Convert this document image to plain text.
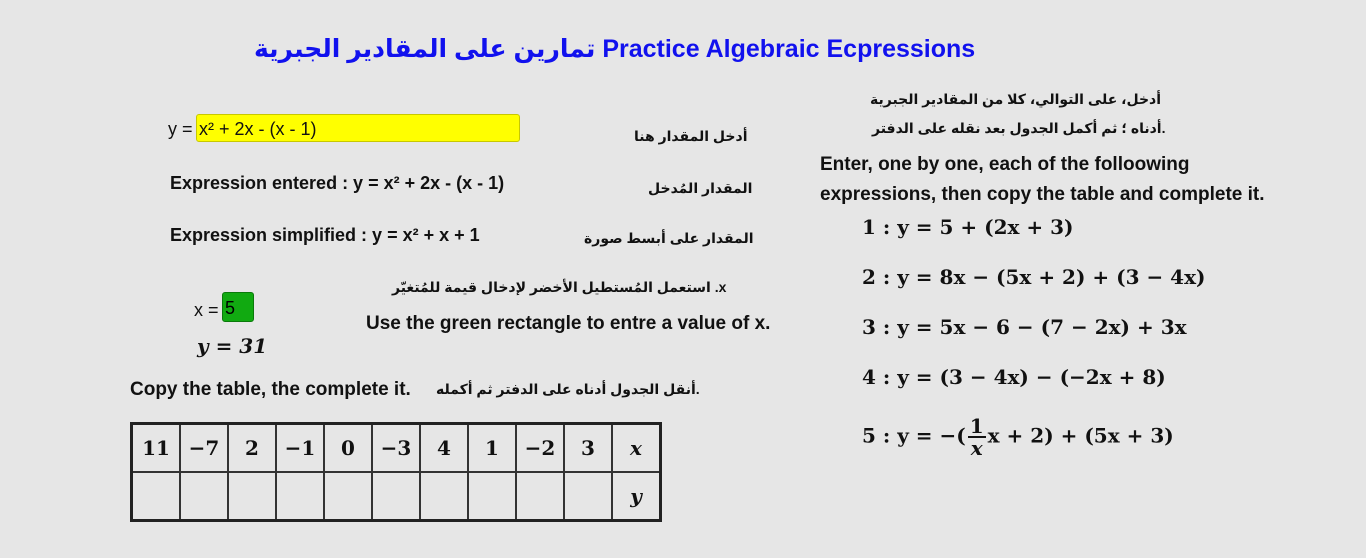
تمارين على المقادير الجبرية Practice Algebraic Ecpressions
y = x² + 2x - (x - 1)	أدخل المقدار هنا
Expression entered : y = x² + 2x - (x - 1)	المقدار المُدخل
Expression simplified : y = x² + x + 1	المقدار على أبسط صورة
x = 5
y = 31
x. استعمل المُستطيل الأخضر لإدخال قيمة للمُتغيّر
Use the green rectangle to entre a value of x.
Copy the table, the complete it. .أنقل الجدول أدناه على الدفتر ثم أكمله
11	−7	2	−1	0	−3	4	1	−2	3	x
										y
أدخل، على التوالي، كلا من المقادير الجبرية
.أدناه ؛ ثم أكمل الجدول بعد نقله على الدفتر
Enter, one by one, each of the folloowing
expressions, then copy the table and complete it.
1 : y = 5 + (2x + 3)
2 : y = 8x − (5x + 2) + (3 − 4x)
3 : y = 5x − 6 − (7 − 2x) + 3x
4 : y = (3 − 4x) − (−2x + 8)
5 : y = −( $\frac{1}{x}$ x + 2) + (5x + 3)
